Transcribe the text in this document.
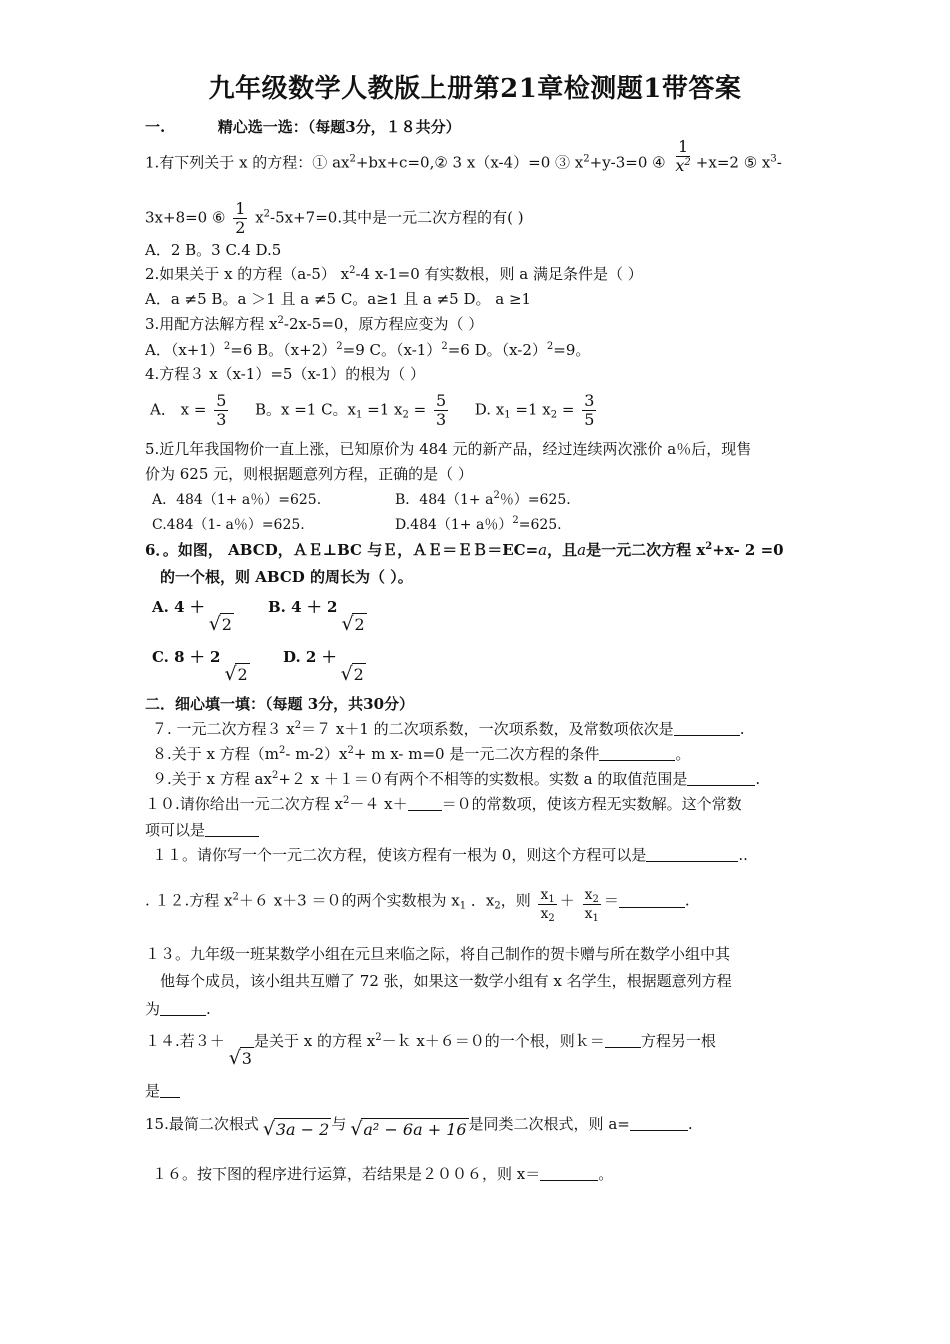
九年级数学人教版上册第21章检测题1带答案
一.	精心选一选：（每题3分，１８共分）
1.有下列关于 x 的方程：① $ax^2+bx+c=0,②$ 3 x（x-4）=0 ③ $x^2+y-3=0$ ④ $\frac{1}{x^2} +x=2$ ⑤ $x^3-$
3x+8=0 ⑥ $\frac{1}{2} x^2-5x+7=0$.其中是一元二次方程的有( )
A．2 B。3 C.4 D.5
2.如果关于 x 的方程（a-5） $x^2-4$ x-1=0 有实数根，则 a 满足条件是（ ）
A．a ≠5 B。a ＞1 且 a ≠5 C。a≥1 且 a ≠5 D。 a ≥1
3.用配方法解方程 $x^2-2x-5=0$，原方程应变为（ ）
A．$(x+1)^2=6$ B。$(x+2)^2=9$ C。$(x-1)^2=6$ D。$(x-2)^2=9$。
4.方程３ x（x-1）=5（x-1）的根为（ ）
A． $x = \frac{5}{3}$ B。x =1 C。$x_1 =1$ $x_2 = \frac{5}{3} D$. $x_1 =1$ $x_2 = \frac{3}{5}$
5.近几年我国物价一直上涨，已知原价为 484 元的新产品，经过连续两次涨价 a％后，现售
价为 625 元，则根据题意列方程，正确的是（ ）
A．484（1+ a％）=625.	B．$484(1+ a^2$％）=625.
C.484（1- a％）=625.	D.484（1+ a％）$^2$=625.
6．。如图， ABCD，ＡＥ⊥BC 与Ｅ，ＡＥ＝ＥＢ＝EC=a，且a是一元二次方程 $x^2+x-$ 2 =0
的一个根，则 ABCD 的周长为（ ）。
A. 4 ＋
√ 2
B. 4 ＋ 2
√ 2
C. 8 ＋ 2
√ 2
D. 2 ＋
√ 2
二．细心填一填：（每题 3分，共30分）
７. 一元二次方程３ $x^2=7$ x＋1 的二次项系数，一次项系数，及常数项依次是	.
８.关于 x 方程（$m^2-$ $m-2)x^2+ m$ x- m=0 是一元二次方程的条件	。
９.关于 x 方程 $ax^2+2$ x ＋１＝０有两个不相等的实数根。实数 a 的取值范围是	.
１０.请你给出一元二次方程 $x^2-4$ x＋ ＝０的常数项，使该方程无实数解。这个常数
项可以是
１１。请你写一个一元二次方程，使该方程有一根为 0，则这个方程可以是	..
. １２.方程 $x^2+6$ x＋3 ＝０的两个实数根为 $x_1$ ．$x_2$，则 $\frac{x_1}{x_2} + \frac{x_2}{x_1}$ ＝	.
１３。九年级一班某数学小组在元旦来临之际，将自己制作的贺卡赠与所在数学小组中其
他每个成员，该小组共互赠了 72 张，如果这一数学小组有 x 名学生，根据题意列方程
为	.
１４.若３＋
√ 3是关于 x 的方程 $x^2-k$ x＋６＝０的一个根，则ｋ＝ 方程另一根
是
15.最简二次根式 √ 3a − 2 与 √ a² − 6a + 16 是同类二次根式，则 a=	.
１６。按下图的程序进行运算，若结果是２００６，则 x＝	。
